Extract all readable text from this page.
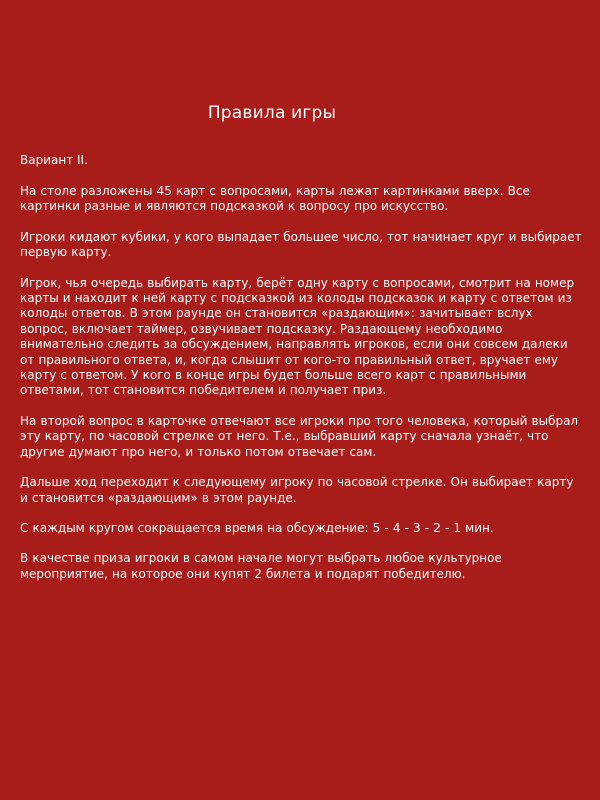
Правила игры

Вариант II.

На столе разложены 45 карт с вопросами, карты лежат картинками вверх. Все картинки разные и являются подсказкой к вопросу про искусство.

Игроки кидают кубики, у кого выпадает большее число, тот начинает круг и выбирает первую карту.

Игрок, чья очередь выбирать карту, берёт одну карту с вопросами, смотрит на номер карты и находит к ней карту с подсказкой из колоды подсказок и карту с ответом из колоды ответов. В этом раунде он становится «раздающим»: зачитывает вслух вопрос, включает таймер, озвучивает подсказку. Раздающему необходимо внимательно следить за обсуждением, направлять игроков, если они совсем далеки от правильного ответа, и, когда слышит от кого-то правильный ответ, вручает ему карту с ответом. У кого в конце игры будет больше всего карт с правильными ответами, тот становится победителем и получает приз.

На второй вопрос в карточке отвечают все игроки про того человека, который выбрал эту карту, по часовой стрелке от него. Т.е., выбравший карту сначала узнаёт, что другие думают про него, и только потом отвечает сам.

Дальше ход переходит к следующему игроку по часовой стрелке. Он выбирает карту и становится «раздающим» в этом раунде.

С каждым кругом сокращается время на обсуждение: 5 - 4 - 3 - 2 - 1 мин.

В качестве приза игроки в самом начале могут выбрать любое культурное мероприятие, на которое они купят 2 билета и подарят победителю.
